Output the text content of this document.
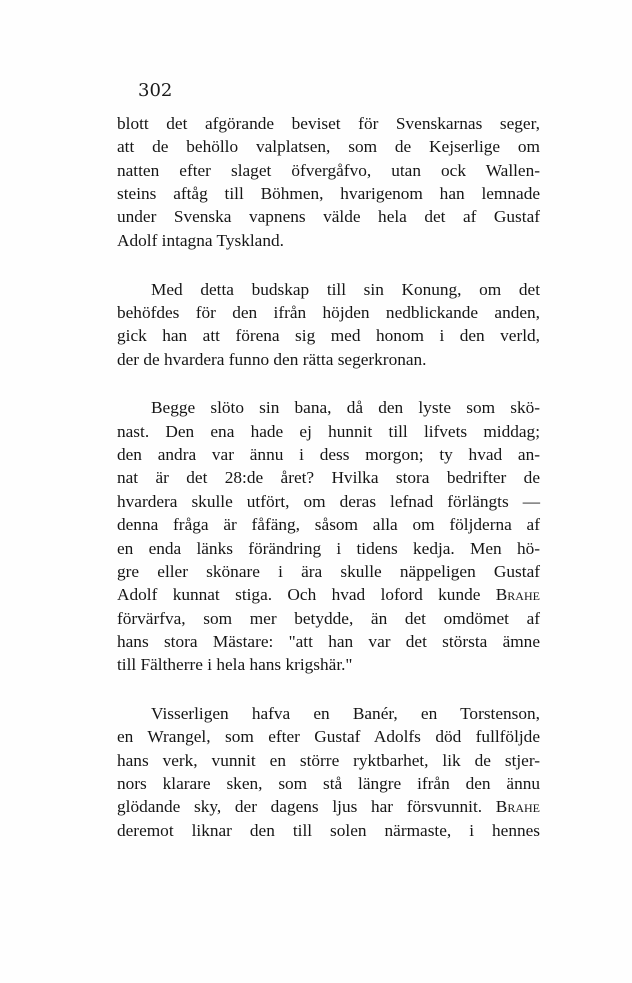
302

blott det afgörande beviset för Svenskarnas seger,
att de behöllo valplatsen, som de Kejserlige om
natten efter slaget öfvergåfvo, utan ock Wallen-
steins aftåg till Böhmen, hvarigenom han lemnade
under Svenska vapnens välde hela det af Gustaf
Adolf intagna Tyskland.
Med detta budskap till sin Konung, om det
behöfdes för den ifrån höjden nedblickande anden,
gick han att förena sig med honom i den verld,
der de hvardera funno den rätta segerkronan.
Begge slöto sin bana, då den lyste som skö-
nast. Den ena hade ej hunnit till lifvets middag;
den andra var ännu i dess morgon; ty hvad an-
nat är det 28:de året? Hvilka stora bedrifter de
hvardera skulle utfört, om deras lefnad förlängts —
denna fråga är fåfäng, såsom alla om följderna af
en enda länks förändring i tidens kedja. Men hö-
gre eller skönare i ära skulle näppeligen Gustaf
Adolf kunnat stiga. Och hvad loford kunde Brahe
förvärfva, som mer betydde, än det omdömet af
hans stora Mästare: "att han var det största ämne
till Fältherre i hela hans krigshär."
Visserligen hafva en Banér, en Torstenson,
en Wrangel, som efter Gustaf Adolfs död fullföljde
hans verk, vunnit en större ryktbarhet, lik de stjer-
nors klarare sken, som stå längre ifrån den ännu
glödande sky, der dagens ljus har försvunnit. Brahe
deremot liknar den till solen närmaste, i hennes
